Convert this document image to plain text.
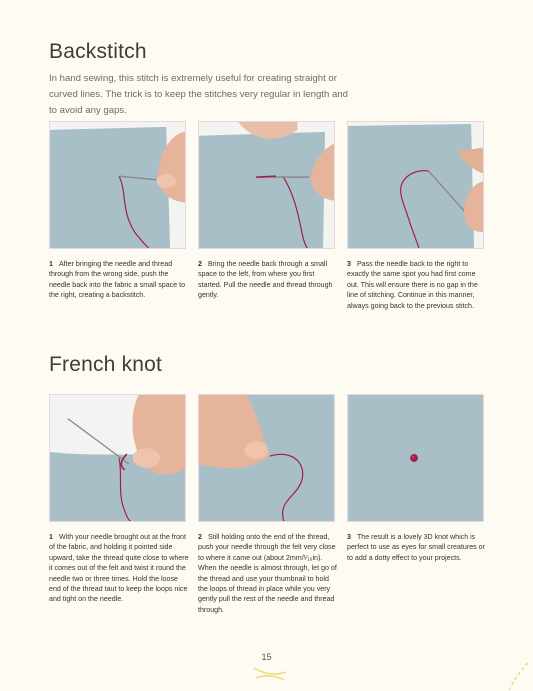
Backstitch

In hand sewing, this stitch is extremely useful for creating straight or curved lines. The trick is to keep the stitches very regular in length and to avoid any gaps.

1 After bringing the needle and thread through from the wrong side, push the needle back into the fabric a small space to the right, creating a backstitch.

2 Bring the needle back through a small space to the left, from where you first started. Pull the needle and thread through gently.

3 Pass the needle back to the right to exactly the same spot you had first come out. This will ensure there is no gap in the line of stitching. Continue in this manner, always going back to the previous stitch.

French knot

1 With your needle brought out at the front of the fabric, and holding it pointed side upward, take the thread quite close to where it comes out of the felt and twist it round the needle two or three times. Hold the loose end of the thread taut to keep the loops nice and tight on the needle.

2 Still holding onto the end of the thread, push your needle through the felt very close to where it came out (about 2mm/¹⁄₁₆in). When the needle is almost through, let go of the thread and use your thumbnail to hold the loops of thread in place while you very gently pull the rest of the needle and thread through.

3 The result is a lovely 3D knot which is perfect to use as eyes for small creatures or to add a dotty effect to your projects.

15
